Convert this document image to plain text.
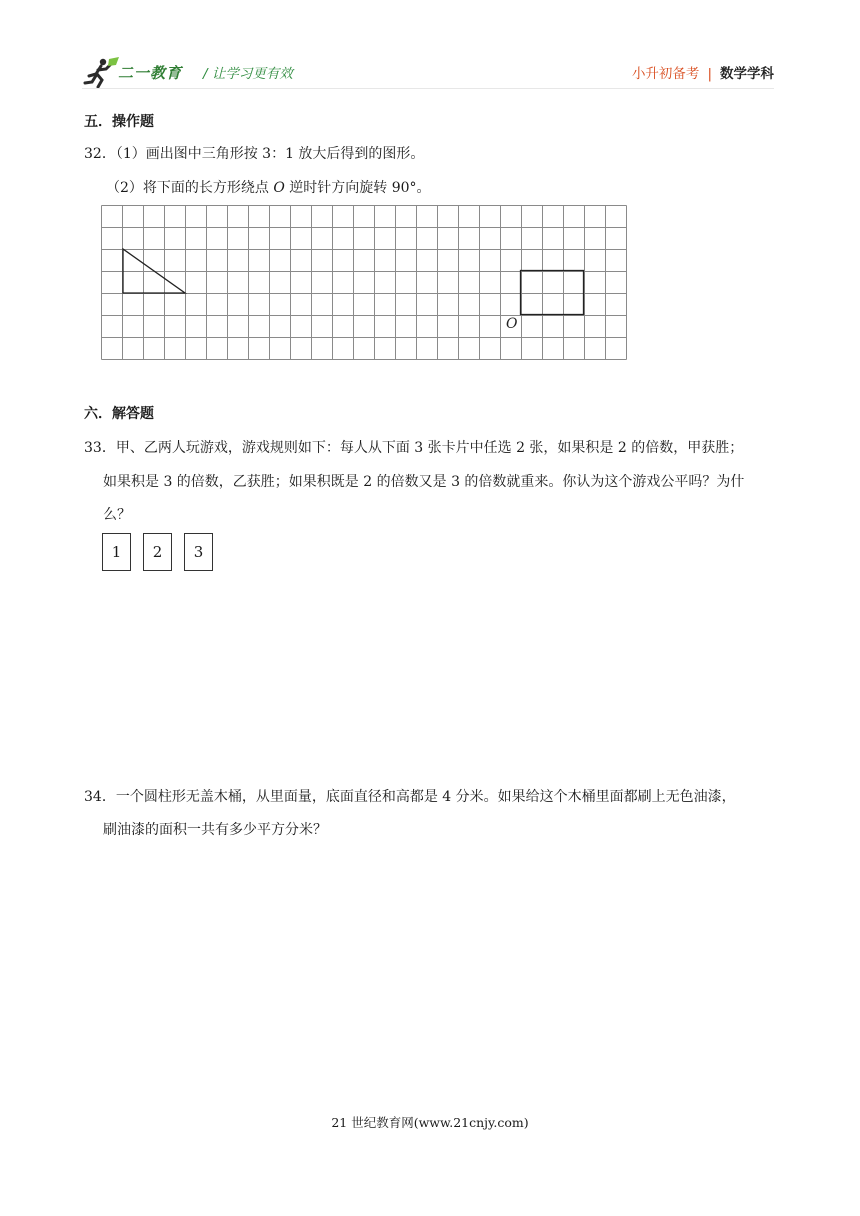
二一教育 / 让学习更有效	小升初备考 | 数学学科
五．操作题
32．（1）画出图中三角形按 3：1 放大后得到的图形。
（2）将下面的长方形绕点 O 逆时针方向旋转 90°。
O
六．解答题
33．甲、乙两人玩游戏，游戏规则如下：每人从下面 3 张卡片中任选 2 张，如果积是 2 的倍数，甲获胜；
如果积是 3 的倍数，乙获胜；如果积既是 2 的倍数又是 3 的倍数就重来。你认为这个游戏公平吗？为什
么？
1	2	3
34．一个圆柱形无盖木桶，从里面量，底面直径和高都是 4 分米。如果给这个木桶里面都刷上无色油漆，
刷油漆的面积一共有多少平方分米？
21 世纪教育网(www.21cnjy.com)
